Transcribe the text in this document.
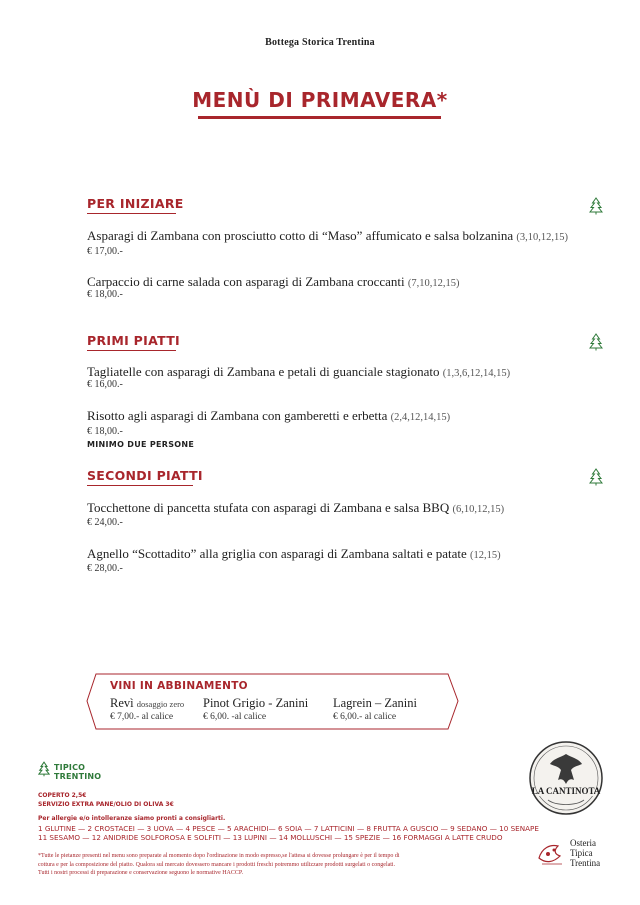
Bottega Storica Trentina
MENÙ DI PRIMAVERA*
PER INIZIARE
Asparagi di Zambana con prosciutto cotto di “Maso” affumicato e salsa bolzanina (3,10,12,15)
€ 17,00.-
Carpaccio di carne salada con asparagi di Zambana croccanti (7,10,12,15)
€ 18,00.-
PRIMI PIATTI
Tagliatelle con asparagi di Zambana e petali di guanciale stagionato (1,3,6,12,14,15)
€ 16,00.-
Risotto agli asparagi di Zambana con gamberetti e erbetta (2,4,12,14,15)
€ 18,00.-
MINIMO DUE PERSONE
SECONDI PIATTI
Tocchettone di pancetta stufata con asparagi di Zambana e salsa BBQ (6,10,12,15)
€ 24,00.-
Agnello “Scottadito” alla griglia con asparagi di Zambana saltati e patate (12,15)
€ 28,00.-
VINI IN ABBINAMENTO
Revì dosaggio zero
€ 7,00.- al calice
Pinot Grigio - Zanini
€ 6,00. -al calice
Lagrein – Zanini
€ 6,00.- al calice
TIPICO
TRENTINO
COPERTO 2,5€
SERVIZIO EXTRA PANE/OLIO DI OLIVA 3€
Per allergie e/o intolleranze siamo pronti a consigliarti.
1 GLUTINE — 2 CROSTACEI — 3 UOVA — 4 PESCE — 5 ARACHIDI— 6 SOIA — 7 LATTICINI — 8 FRUTTA A GUSCIO — 9 SEDANO — 10 SENAPE
11 SESAMO — 12 ANIDRIDE SOLFOROSA E SOLFITI — 13 LUPINI — 14 MOLLUSCHI — 15 SPEZIE — 16 FORMAGGI A LATTE CRUDO
*Tutte le pietanze presenti nel menu sono preparate al momento dopo l'ordinazione in modo espresso,se l'attesa si dovesse prolungare è per il tempo di
cottura e per la composizione del piatto. Qualora sul mercato dovessero mancare i prodotti freschi potremmo utilizzare prodotti surgelati o congelati.
Tutti i nostri processi di preparazione e conservazione seguono le normative HACCP.
LA CANTINOTA
Osteria
Tipica
Trentina
